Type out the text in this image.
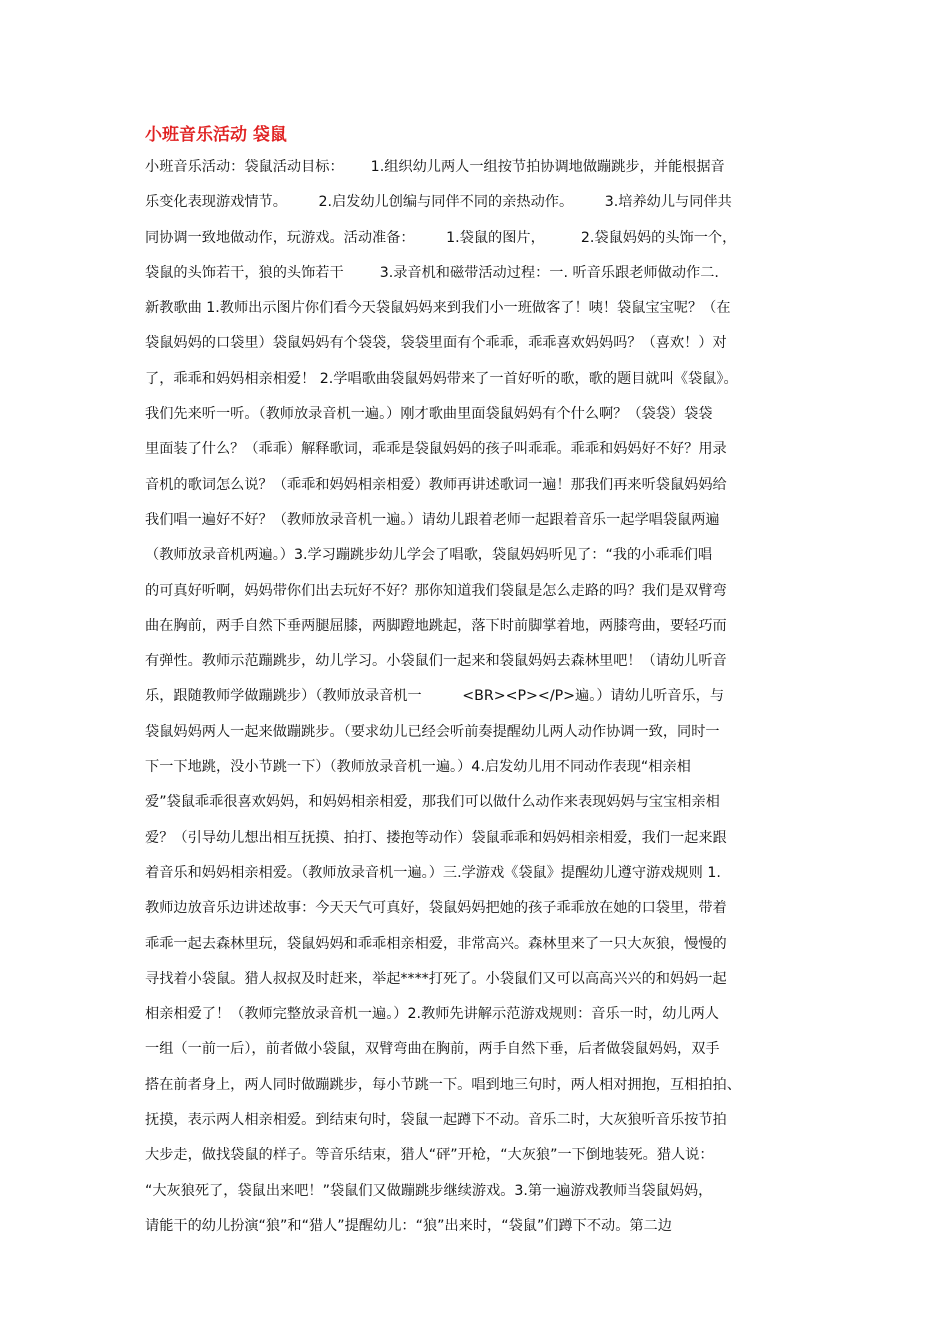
小班音乐活动 袋鼠
小班音乐活动：袋鼠活动目标：      1.组织幼儿两人一组按节拍协调地做蹦跳步，并能根据音
乐变化表现游戏情节。       2.启发幼儿创编与同伴不同的亲热动作。       3.培养幼儿与同伴共
同协调一致地做动作，玩游戏。活动准备：       1.袋鼠的图片，        2.袋鼠妈妈的头饰一个，
袋鼠的头饰若干，狼的头饰若干        3.录音机和磁带活动过程：一. 听音乐跟老师做动作二.
新教歌曲 1.教师出示图片你们看今天袋鼠妈妈来到我们小一班做客了！咦！袋鼠宝宝呢？（在
袋鼠妈妈的口袋里）袋鼠妈妈有个袋袋，袋袋里面有个乖乖，乖乖喜欢妈妈吗？（喜欢！）对
了，乖乖和妈妈相亲相爱！ 2.学唱歌曲袋鼠妈妈带来了一首好听的歌，歌的题目就叫《袋鼠》。
我们先来听一听。（教师放录音机一遍。）刚才歌曲里面袋鼠妈妈有个什么啊？（袋袋）袋袋
里面装了什么？（乖乖）解释歌词，乖乖是袋鼠妈妈的孩子叫乖乖。乖乖和妈妈好不好？用录
音机的歌词怎么说？（乖乖和妈妈相亲相爱）教师再讲述歌词一遍！那我们再来听袋鼠妈妈给
我们唱一遍好不好？（教师放录音机一遍。）请幼儿跟着老师一起跟着音乐一起学唱袋鼠两遍
（教师放录音机两遍。）3.学习蹦跳步幼儿学会了唱歌，袋鼠妈妈听见了：“我的小乖乖们唱
的可真好听啊，妈妈带你们出去玩好不好？那你知道我们袋鼠是怎么走路的吗？我们是双臂弯
曲在胸前，两手自然下垂两腿屈膝，两脚蹬地跳起，落下时前脚掌着地，两膝弯曲，要轻巧而
有弹性。教师示范蹦跳步，幼儿学习。小袋鼠们一起来和袋鼠妈妈去森林里吧！（请幼儿听音
乐，跟随教师学做蹦跳步）（教师放录音机一         <BR><P></P>遍。）请幼儿听音乐，与
袋鼠妈妈两人一起来做蹦跳步。（要求幼儿已经会听前奏提醒幼儿两人动作协调一致，同时一
下一下地跳，没小节跳一下）（教师放录音机一遍。）4.启发幼儿用不同动作表现“相亲相
爱”袋鼠乖乖很喜欢妈妈，和妈妈相亲相爱，那我们可以做什么动作来表现妈妈与宝宝相亲相
爱？（引导幼儿想出相互抚摸、拍打、搂抱等动作）袋鼠乖乖和妈妈相亲相爱，我们一起来跟
着音乐和妈妈相亲相爱。（教师放录音机一遍。）三.学游戏《袋鼠》提醒幼儿遵守游戏规则 1.
教师边放音乐边讲述故事：今天天气可真好，袋鼠妈妈把她的孩子乖乖放在她的口袋里，带着
乖乖一起去森林里玩，袋鼠妈妈和乖乖相亲相爱，非常高兴。森林里来了一只大灰狼，慢慢的
寻找着小袋鼠。猎人叔叔及时赶来，举起****打死了。小袋鼠们又可以高高兴兴的和妈妈一起
相亲相爱了！（教师完整放录音机一遍。）2.教师先讲解示范游戏规则：音乐一时，幼儿两人
一组（一前一后），前者做小袋鼠，双臂弯曲在胸前，两手自然下垂，后者做袋鼠妈妈，双手
搭在前者身上，两人同时做蹦跳步，每小节跳一下。唱到地三句时，两人相对拥抱，互相拍拍、
抚摸，表示两人相亲相爱。到结束句时，袋鼠一起蹲下不动。音乐二时，大灰狼听音乐按节拍
大步走，做找袋鼠的样子。等音乐结束，猎人“砰”开枪，“大灰狼”一下倒地装死。猎人说：
“大灰狼死了，袋鼠出来吧！”袋鼠们又做蹦跳步继续游戏。3.第一遍游戏教师当袋鼠妈妈，
请能干的幼儿扮演“狼”和“猎人”提醒幼儿：“狼”出来时，“袋鼠”们蹲下不动。第二边
